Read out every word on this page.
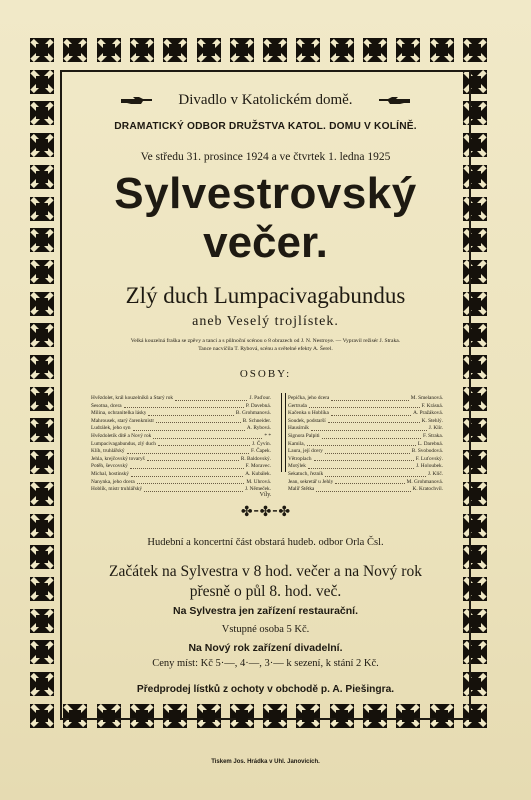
Divadlo v Katolickém domě.
DRAMATICKÝ ODBOR DRUŽSTVA KATOL. DOMU V KOLÍNĚ.
Ve středu 31. prosince 1924 a ve čtvrtek 1. ledna 1925
Sylvestrovský
večer.
Zlý duch Lumpacivagabundus
aneb Veselý trojlístek.
Velká kouzelná fraška se zpěvy a tanci a s půlnoční scénou o 8 obrazech od J. N. Nestroye. — Vypravil režisér J. Straka.
Tance nacvičila T. Rybová, scénu a světelné efekty A. Šerel.
OSOBY:
Hvězdolet, král kouzelníků a Starý rok	J. Paďour.
Šesotna, dcera	P. Davebná.
Milina, ochranitelka lásky	B. Grohmanová.
Mahrousek, starý čarenkmistr	B. Schneider.
Ludrálek, jeho syn	A. Rybová.
Hvězdoletík dítě a Nový rok	* *
Lumpacivagabundus, zlý duch	J. Čyvín.
Klíh, truhlářský	F. Čapek.
Jehla, krejčovský tovaryš	R. Baldovský.
Potěh, ševcovský	F. Moravec.
Michal, hostinský	A. Kubálek.
Nanynka, jeho dcera	M. Uhrová.
Hoblík, mistr truhlářský	J. Němeček.
Pepička, jeho dcera	M. Smelanová.
Gertruda	F. Krásná.
Kačenka u Hoblíka	A. Pražáková.
Soudek, podstarší	K. Stehlý.
Hausírník	J. Klír.
Signora Palpiti	F. Straka.
Kamila,	L. Darebná.
Laura, její dcery	B. Svobodová.
Větroplach	F. Luťovský.
Motýlek	J. Holoubek.
Sekatuch, řezník	J. Klíč.
Jean, sekretář u Jehly	M. Grohmanová.
Malíř Štětka	K. Kratochvíl.
Víly.
✤⁃✤⁃✤
Hudební a koncertní část obstará hudeb. odbor Orla Čsl.
Začátek na Sylvestra v 8 hod. večer a na Nový rok
přesně o půl 8. hod. več.
Na Sylvestra jen zařízení restaurační.
Vstupné osoba 5 Kč.
Na Nový rok zařízení divadelní.
Ceny míst: Kč 5·—, 4·—, 3·— k sezení, k stání 2 Kč.
Předprodej lístků z ochoty v obchodě p. A. Piešingra.
Tiskem Jos. Hrádka v Uhl. Janovicích.
